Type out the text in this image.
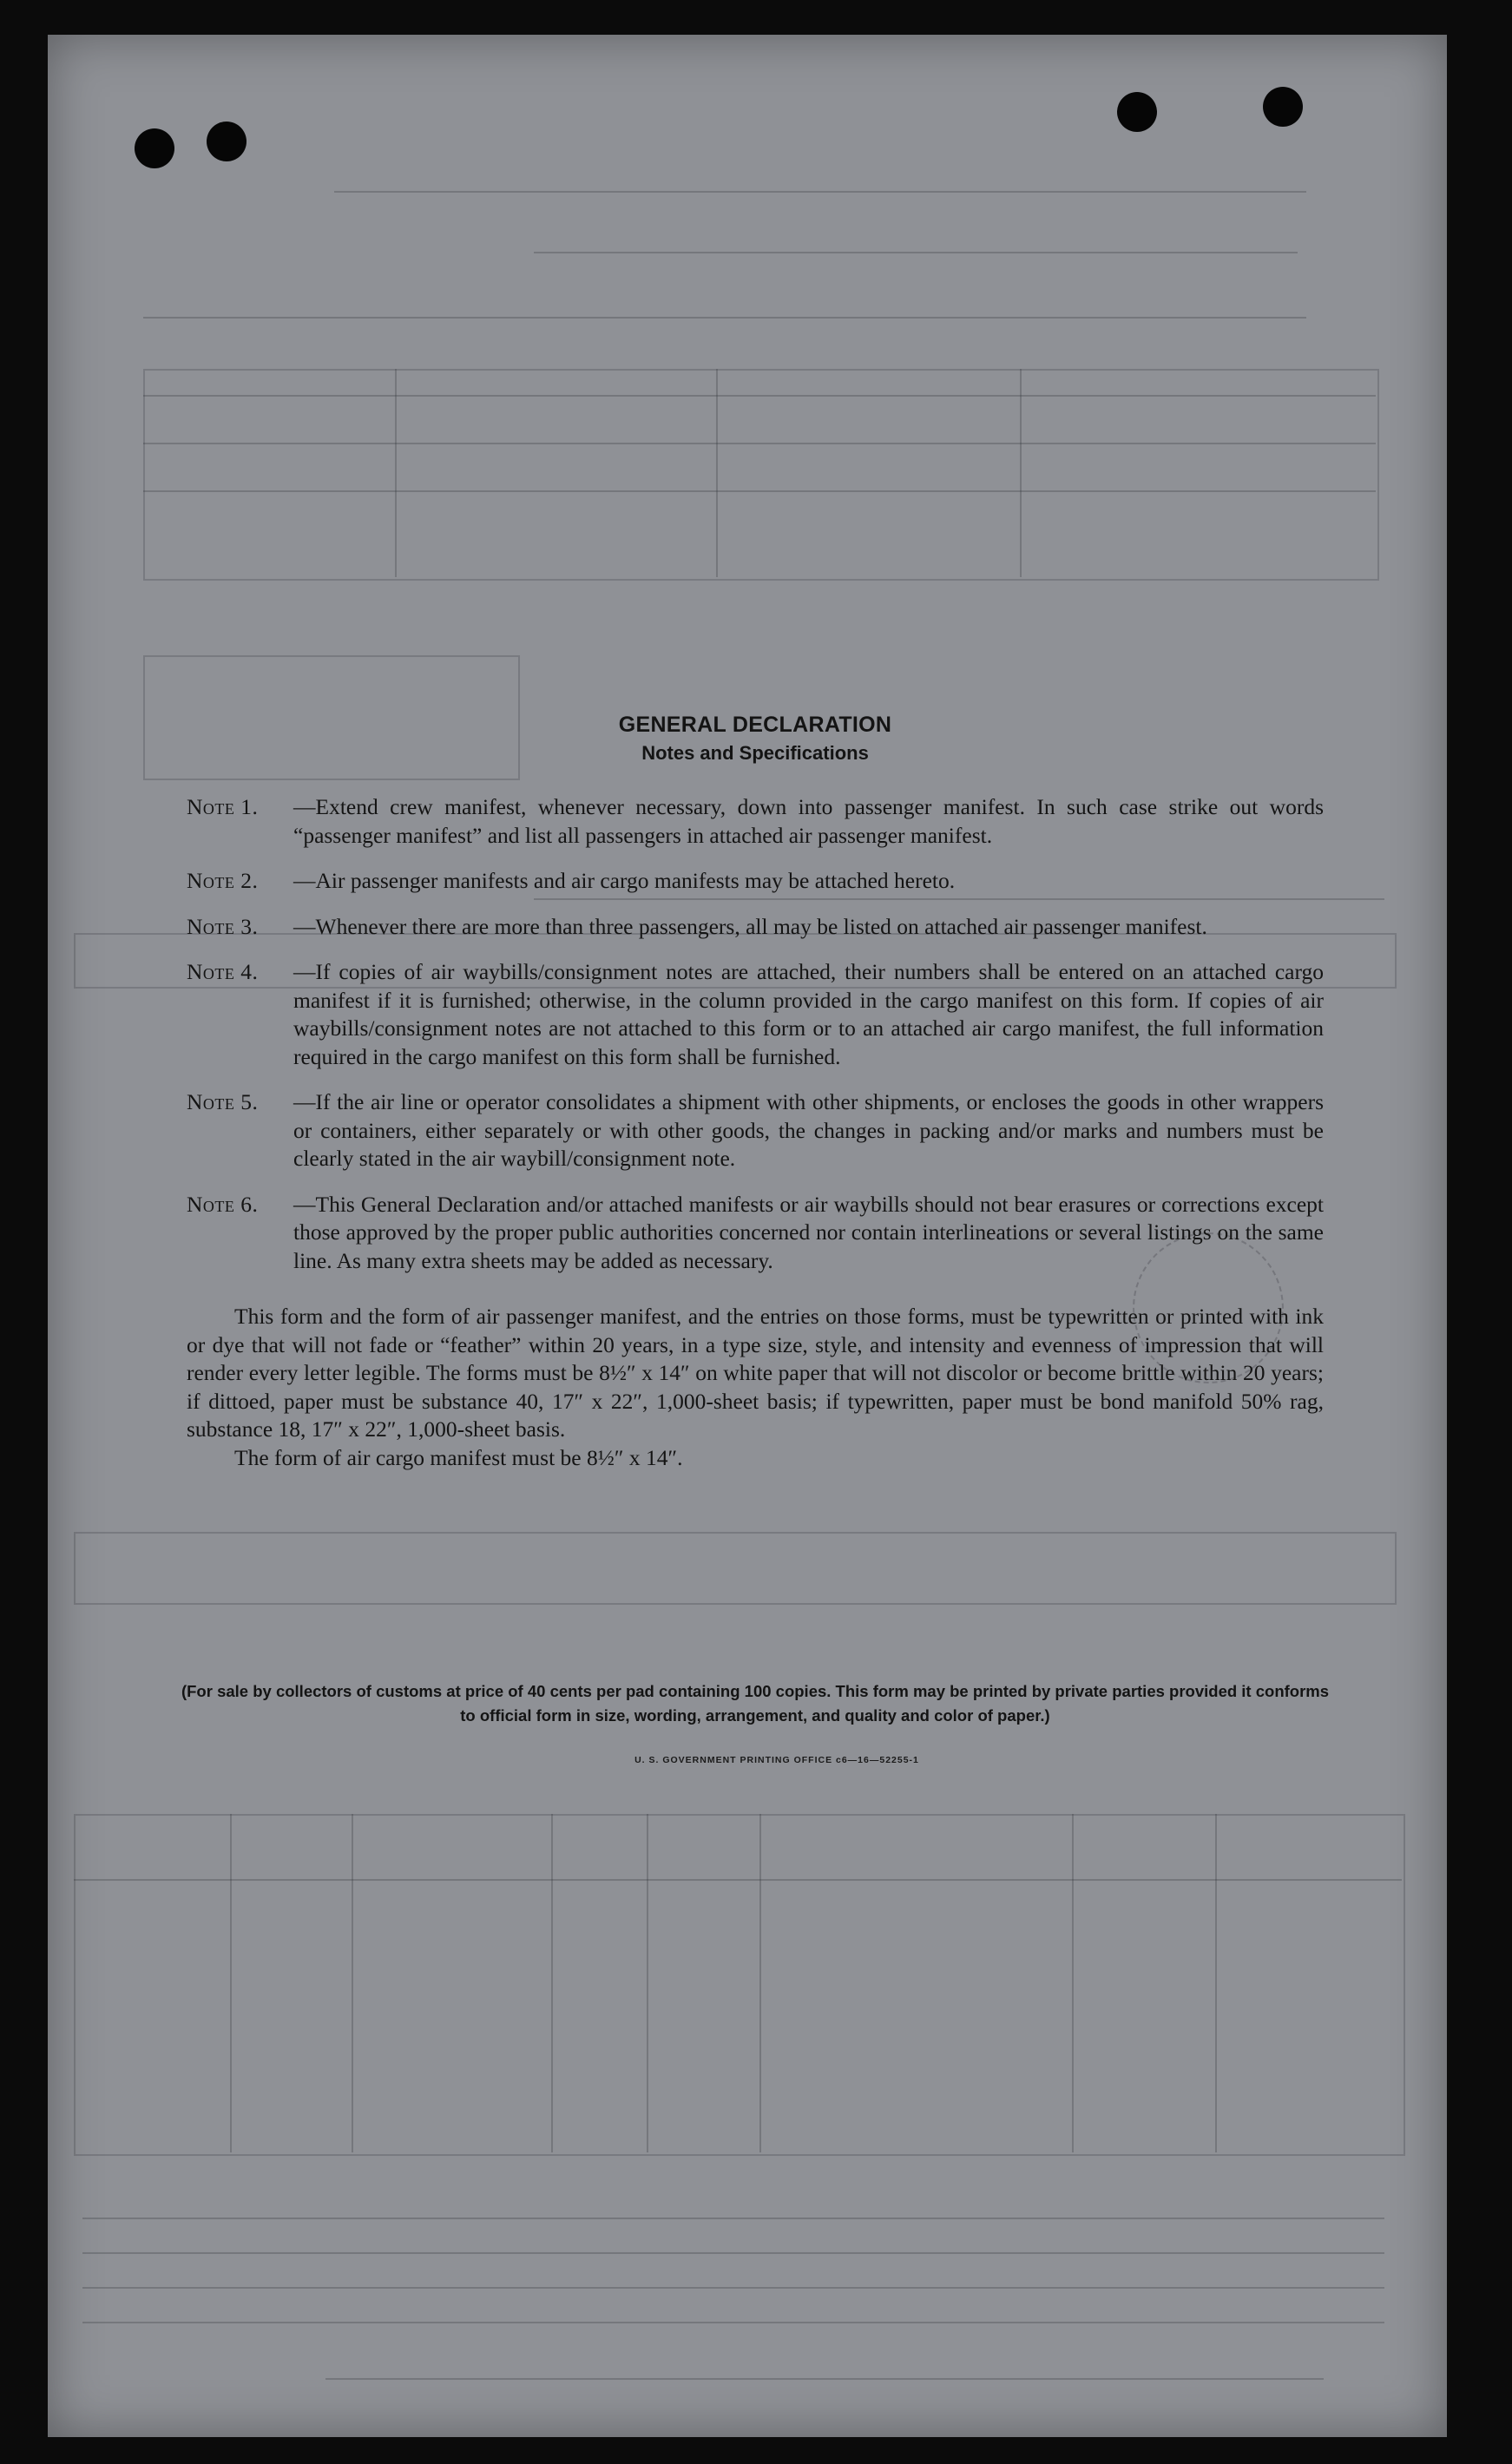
GENERAL DECLARATION
Notes and Specifications
Note 1.	—Extend crew manifest, whenever necessary, down into passenger manifest. In such case strike out words “passenger manifest” and list all passengers in attached air passenger manifest.
Note 2.	—Air passenger manifests and air cargo manifests may be attached hereto.
Note 3.	—Whenever there are more than three passengers, all may be listed on attached air passenger manifest.
Note 4.	—If copies of air waybills/consignment notes are attached, their numbers shall be entered on an attached cargo manifest if it is furnished; otherwise, in the column provided in the cargo manifest on this form. If copies of air waybills/consignment notes are not attached to this form or to an attached air cargo manifest, the full information required in the cargo manifest on this form shall be furnished.
Note 5.	—If the air line or operator consolidates a shipment with other shipments, or encloses the goods in other wrappers or containers, either separately or with other goods, the changes in packing and/or marks and numbers must be clearly stated in the air waybill/consignment note.
Note 6.	—This General Declaration and/or attached manifests or air waybills should not bear erasures or corrections except those approved by the proper public authorities concerned nor contain interlineations or several listings on the same line. As many extra sheets may be added as necessary.

This form and the form of air passenger manifest, and the entries on those forms, must be typewritten or printed with ink or dye that will not fade or “feather” within 20 years, in a type size, style, and intensity and evenness of impression that will render every letter legible. The forms must be 8½″ x 14″ on white paper that will not discolor or become brittle within 20 years; if dittoed, paper must be substance 40, 17″ x 22″, 1,000-sheet basis; if typewritten, paper must be bond manifold 50% rag, substance 18, 17″ x 22″, 1,000-sheet basis.

The form of air cargo manifest must be 8½″ x 14″.

(For sale by collectors of customs at price of 40 cents per pad containing 100 copies. This form may be printed by private parties provided it conforms to official form in size, wording, arrangement, and quality and color of paper.)
U. S. GOVERNMENT PRINTING OFFICE c6—16—52255-1
